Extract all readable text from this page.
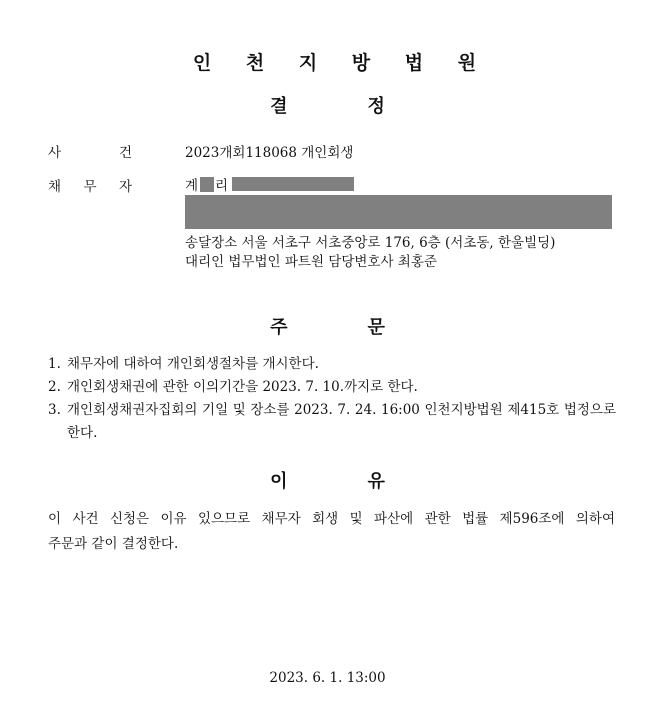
인 천 지 방 법 원
결	정
사	건	2023개회118068 개인회생
채 무 자	계 리
송달장소 서울 서초구 서초중앙로 176, 6층 (서초동, 한울빌딩)
대리인 법무법인 파트원 담당변호사 최홍준
주	문
1. 채무자에 대하여 개인회생절차를 개시한다.
2. 개인회생채권에 관한 이의기간을 2023. 7. 10.까지로 한다.
3. 개인회생채권자집회의 기일 및 장소를 2023. 7. 24. 16:00 인천지방법원 제415호 법정으로 한다.
이	유
이 사건 신청은 이유 있으므로 채무자 회생 및 파산에 관한 법률 제596조에 의하여
주문과 같이 결정한다.
2023. 6. 1. 13:00
